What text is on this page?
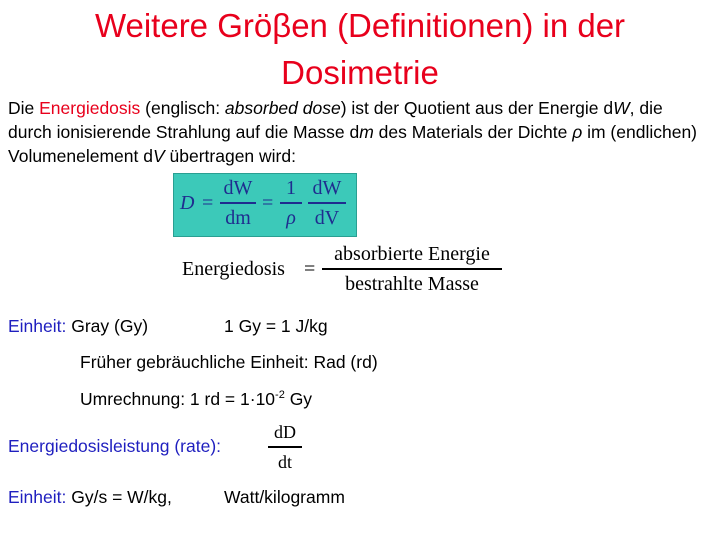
Weitere Gröβen (Definitionen) in der
Dosimetrie
Die Energiedosis (englisch: absorbed dose) ist der Quotient aus der Energie dW, die durch ionisierende Strahlung auf die Masse dm des Materials der Dichte ρ im (endlichen) Volumenelement dV übertragen wird:
D =
dW
dm
=
1
ρ
dW
dV
Energiedosis =
absorbierte Energie
bestrahlte Masse
Einheit: Gray (Gy)	1 Gy = 1 J/kg
Früher gebräuchliche Einheit: Rad (rd)
Umrechnung: 1 rd = $1\cdot 10^{-2}$ Gy
Energiedosisleistung (rate):
dD
dt
Einheit: Gy/s = W/kg,	Watt/kilogramm
